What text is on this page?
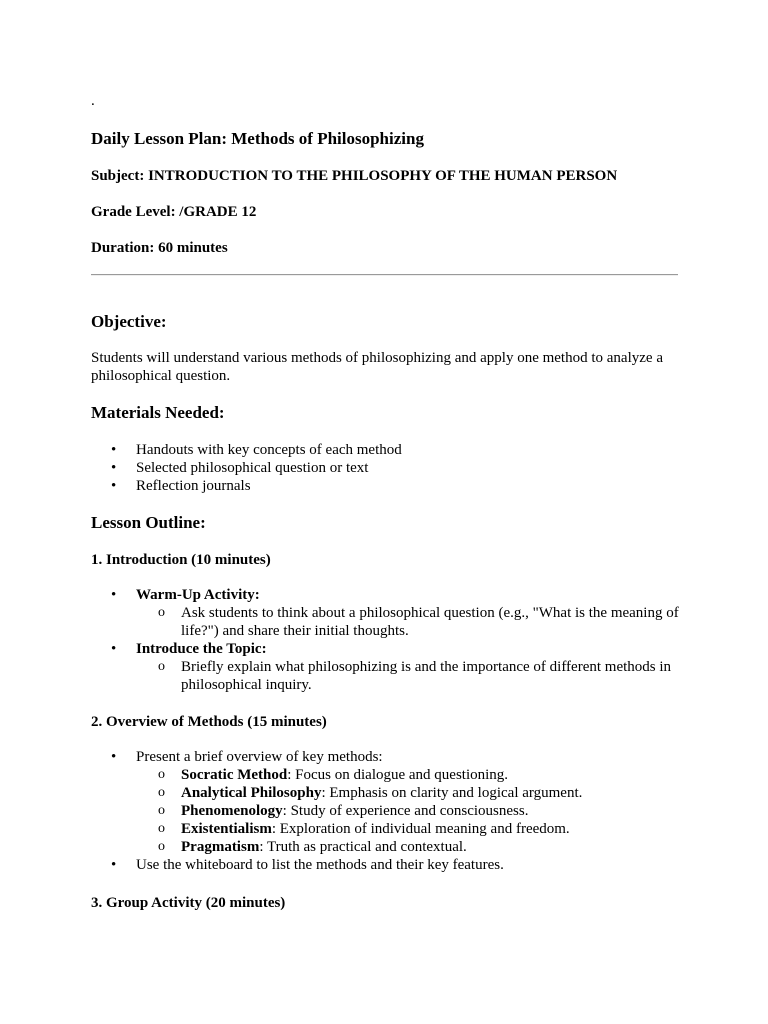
.
Daily Lesson Plan: Methods of Philosophizing
Subject: INTRODUCTION TO THE PHILOSOPHY OF THE HUMAN PERSON
Grade Level: /GRADE 12
Duration: 60 minutes
Objective:
Students will understand various methods of philosophizing and apply one method to analyze a philosophical question.
Materials Needed:
• Handouts with key concepts of each method
• Selected philosophical question or text
• Reflection journals
Lesson Outline:
1. Introduction (10 minutes)
• Warm-Up Activity:
o Ask students to think about a philosophical question (e.g., "What is the meaning of life?") and share their initial thoughts.
• Introduce the Topic:
o Briefly explain what philosophizing is and the importance of different methods in philosophical inquiry.
2. Overview of Methods (15 minutes)
• Present a brief overview of key methods:
o Socratic Method: Focus on dialogue and questioning.
o Analytical Philosophy: Emphasis on clarity and logical argument.
o Phenomenology: Study of experience and consciousness.
o Existentialism: Exploration of individual meaning and freedom.
o Pragmatism: Truth as practical and contextual.
• Use the whiteboard to list the methods and their key features.
3. Group Activity (20 minutes)
